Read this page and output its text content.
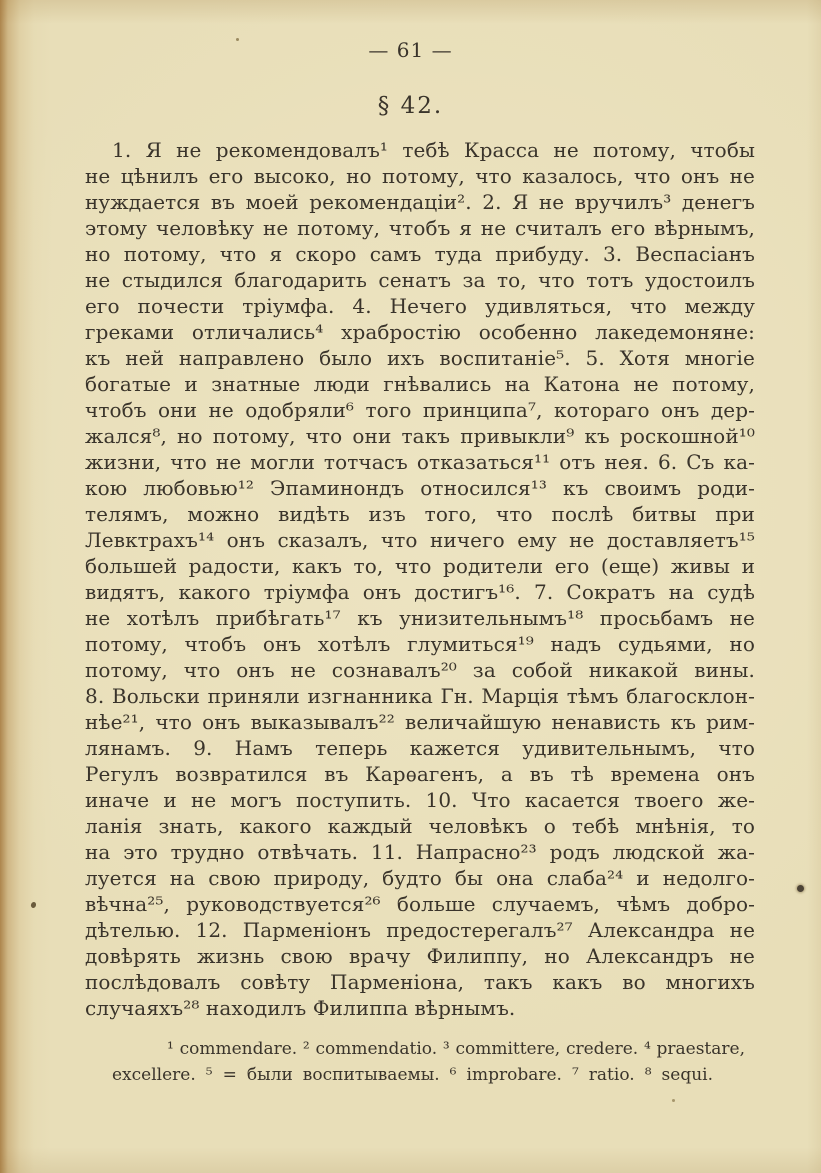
— 61 —
§ 42.
1. Я не рекомендовалъ¹ тебѣ Красса не потому, чтобы
не цѣнилъ его высоко, но потому, что казалось, что онъ не
нуждается въ моей рекомендаціи². 2. Я не вручилъ³ денегъ
этому человѣку не потому, чтобъ я не считалъ его вѣрнымъ,
но потому, что я скоро самъ туда прибуду. 3. Веспасіанъ
не стыдился благодарить сенатъ за то, что тотъ удостоилъ
его почести тріумфа. 4. Нечего удивляться, что между
греками отличались⁴ храбростію особенно лакедемоняне:
къ ней направлено было ихъ воспитаніе⁵. 5. Хотя многіе
богатые и знатные люди гнѣвались на Катона не потому,
чтобъ они не одобряли⁶ того принципа⁷, котораго онъ дер-
жался⁸, но потому, что они такъ привыкли⁹ къ роскошной¹⁰
жизни, что не могли тотчасъ отказаться¹¹ отъ нея. 6. Съ ка-
кою любовью¹² Эпаминондъ относился¹³ къ своимъ роди-
телямъ, можно видѣть изъ того, что послѣ битвы при
Левктрахъ¹⁴ онъ сказалъ, что ничего ему не доставляетъ¹⁵
большей радости, какъ то, что родители его (еще) живы и
видятъ, какого тріумфа онъ достигъ¹⁶. 7. Сократъ на судѣ
не хотѣлъ прибѣгать¹⁷ къ унизительнымъ¹⁸ просьбамъ не
потому, чтобъ онъ хотѣлъ глумиться¹⁹ надъ судьями, но
потому, что онъ не сознавалъ²⁰ за собой никакой вины.
8. Вольски приняли изгнанника Гн. Марція тѣмъ благосклон-
нѣе²¹, что онъ выказывалъ²² величайшую ненависть къ рим-
лянамъ. 9. Намъ теперь кажется удивительнымъ, что
Регулъ возвратился въ Карѳагенъ, а въ тѣ времена онъ
иначе и не могъ поступить. 10. Что касается твоего же-
ланія знать, какого каждый человѣкъ о тебѣ мнѣнія, то
на это трудно отвѣчать. 11. Напрасно²³ родъ людской жа-
луется на свою природу, будто бы она слаба²⁴ и недолго-
вѣчна²⁵, руководствуется²⁶ больше случаемъ, чѣмъ добро-
дѣтелью. 12. Парменіонъ предостерегалъ²⁷ Александра не
довѣрять жизнь свою врачу Филиппу, но Александръ не
послѣдовалъ совѣту Парменіона, такъ какъ во многихъ
случаяхъ²⁸ находилъ Филиппа вѣрнымъ.
¹ commendare. ² commendatio. ³ committere, credere. ⁴ praestare,
excellere. ⁵ = были воспитываемы. ⁶ improbare. ⁷ ratio. ⁸ sequi.
